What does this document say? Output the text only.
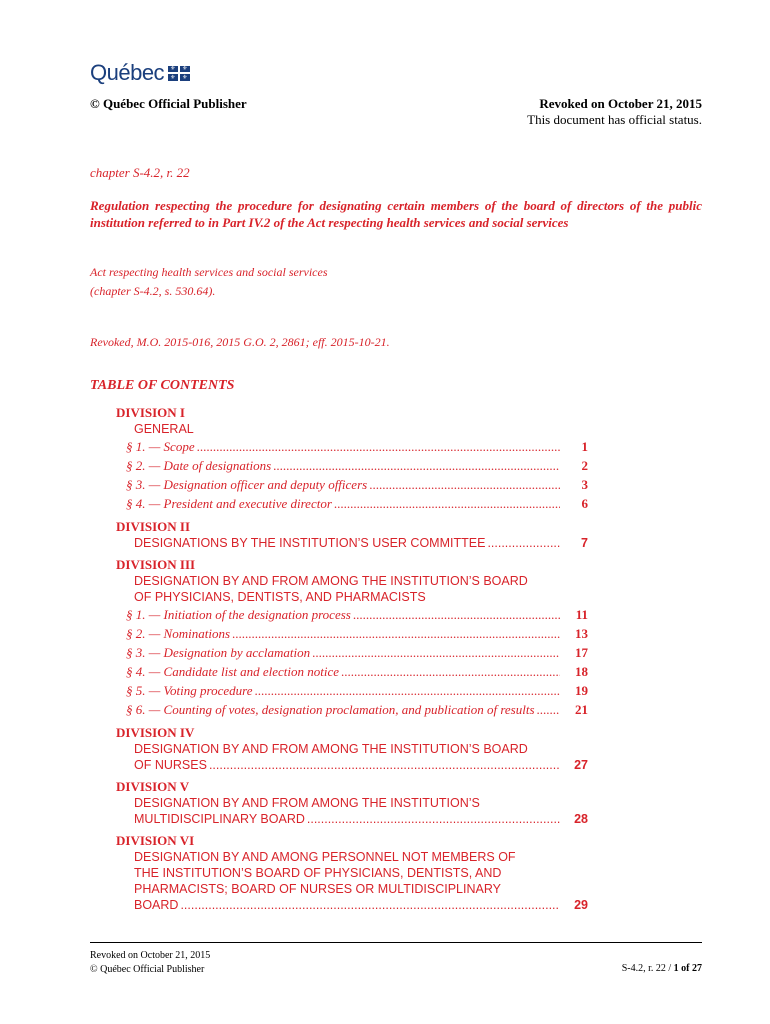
Québec ⚜ ⚜
⚜ ⚜
© Québec Official Publisher	Revoked on October 21, 2015
This document has official status.
chapter S-4.2, r. 22
Regulation respecting the procedure for designating certain members of the board of directors of the public institution referred to in Part IV.2 of the Act respecting health services and social services
Act respecting health services and social services
(chapter S-4.2, s. 530.64).
Revoked, M.O. 2015-016, 2015 G.O. 2, 2861; eff. 2015-10-21.
TABLE OF CONTENTS
DIVISION I
GENERAL
§ 1. — Scope .....	1
§ 2. — Date of designations .....	2
§ 3. — Designation officer and deputy officers .....	3
§ 4. — President and executive director .....	6
DIVISION II
DESIGNATIONS BY THE INSTITUTION’S USER COMMITTEE .....	7
DIVISION III
DESIGNATION BY AND FROM AMONG THE INSTITUTION’S BOARD
OF PHYSICIANS, DENTISTS, AND PHARMACISTS
§ 1. — Initiation of the designation process .....	11
§ 2. — Nominations .....	13
§ 3. — Designation by acclamation .....	17
§ 4. — Candidate list and election notice .....	18
§ 5. — Voting procedure .....	19
§ 6. — Counting of votes, designation proclamation, and publication of results .....	21
DIVISION IV
DESIGNATION BY AND FROM AMONG THE INSTITUTION’S BOARD
OF NURSES .....	27
DIVISION V
DESIGNATION BY AND FROM AMONG THE INSTITUTION’S
MULTIDISCIPLINARY BOARD .....	28
DIVISION VI
DESIGNATION BY AND AMONG PERSONNEL NOT MEMBERS OF
THE INSTITUTION’S BOARD OF PHYSICIANS, DENTISTS, AND
PHARMACISTS; BOARD OF NURSES OR MULTIDISCIPLINARY
BOARD .....	29
Revoked on October 21, 2015
© Québec Official Publisher	S-4.2, r. 22 / 1 of 27
